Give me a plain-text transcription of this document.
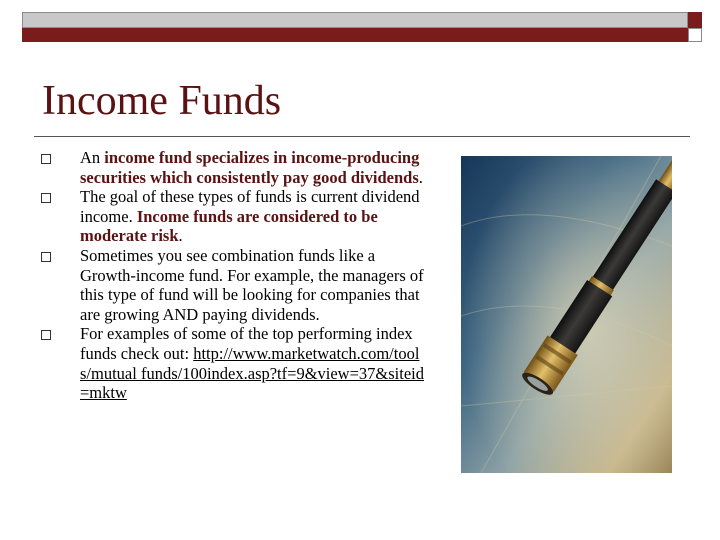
Income Funds
An income fund specializes in income-producing securities which consistently pay good dividends.
The goal of these types of funds is current dividend income. Income funds are considered to be moderate risk.
Sometimes you see combination funds like a Growth-income fund. For example, the managers of this type of fund will be looking for companies that are growing AND paying dividends.
For examples of some of the top performing index funds check out: http://www.marketwatch.com/tools/mutual funds/100index.asp?tf=9&view=37&siteid =mktw
